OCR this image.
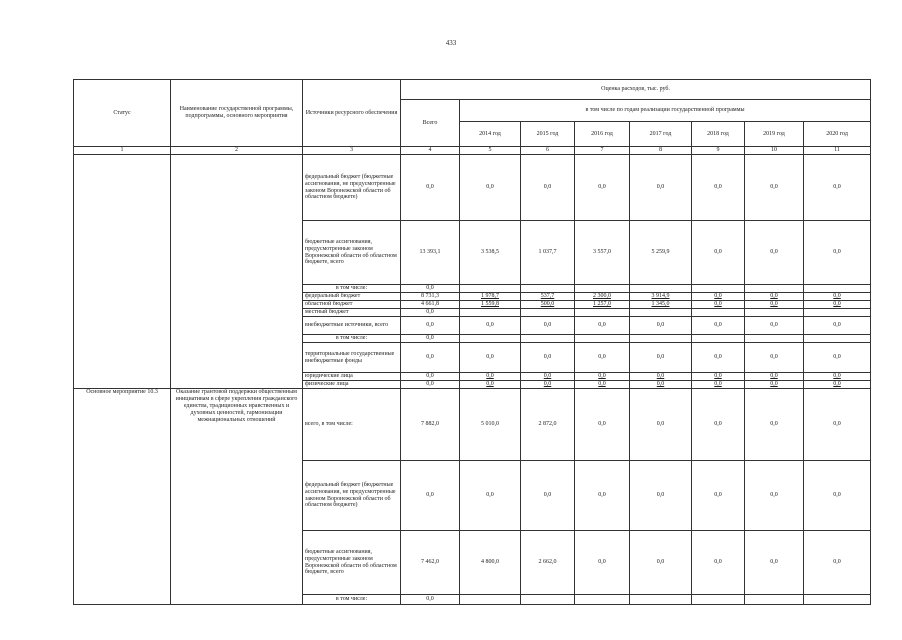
433
Статус	Наименование государственной программы, подпрограммы, основного мероприятия	Источники ресурсного обеспечения	Оценка расходов, тыс. руб.							
			Всего	в том числе по годам реализации государственной программы						
				2014 год	2015 год	2016 год	2017 год	2018 год	2019 год	2020 год
1	2	3	4	5	6	7	8	9	10	11
		федеральный бюджет (бюджетные ассигнования, не предусмотренные законом Воронежской области об областном бюджете)	0,0	0,0	0,0	0,0	0,0	0,0	0,0	0,0
		бюджетные ассигнования, предусмотренные законом Воронежской области об областном бюджете, всего	13 393,1	3 538,5	1 037,7	3 557,0	5 259,9	0,0	0,0	0,0
		в том числе:	0,0							
		федеральный бюджет	8 731,3	1 978,7	537,7	2 300,0	3 914,9	0,0	0,0	0,0
		областной бюджет	4 661,8	1 559,8	500,0	1 257,0	1 345,0	0,0	0,0	0,0
		местный бюджет	0,0							
		внебюджетные источники, всего	0,0	0,0	0,0	0,0	0,0	0,0	0,0	0,0
		в том числе:	0,0							
		территориальные государственные внебюджетные фонды	0,0	0,0	0,0	0,0	0,0	0,0	0,0	0,0
		юридические лица	0,0	0,0	0,0	0,0	0,0	0,0	0,0	0,0
		физические лица	0,0	0,0	0,0	0,0	0,0	0,0	0,0	0,0
Основное мероприятие 10.3	Оказание грантовой поддержки общественным инициативам в сфере укрепления гражданского единства, традиционных нравственных и духовных ценностей, гармонизации межнациональных отношений	всего, в том числе:	7 882,0	5 010,0	2 872,0	0,0	0,0	0,0	0,0	0,0
		федеральный бюджет (бюджетные ассигнования, не предусмотренные законом Воронежской области об областном бюджете)	0,0	0,0	0,0	0,0	0,0	0,0	0,0	0,0
		бюджетные ассигнования, предусмотренные законом Воронежской области об областном бюджете, всего	7 462,0	4 800,0	2 662,0	0,0	0,0	0,0	0,0	0,0
		в том числе:	0,0							
